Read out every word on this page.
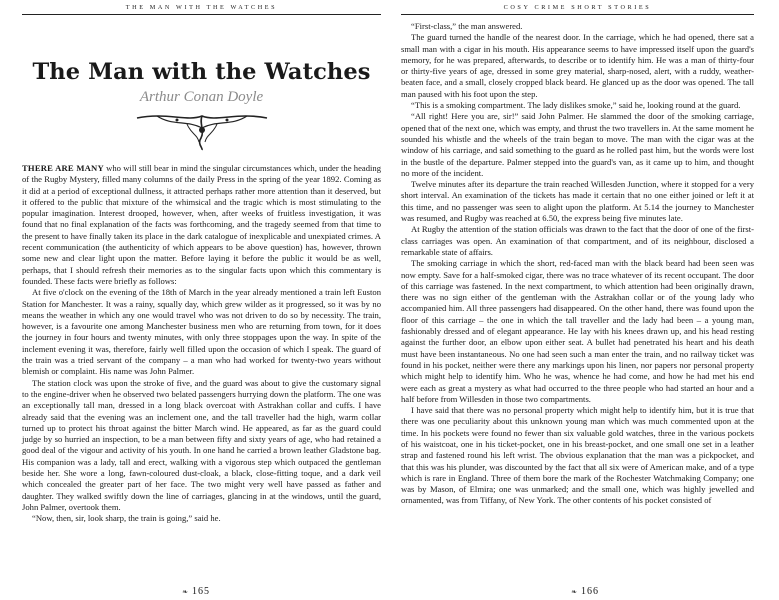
THE MAN WITH THE WATCHES
The Man with the Watches
Arthur Conan Doyle

THERE ARE MANY who will still bear in mind the singular circumstances which, under the heading of the Rugby Mystery, filled many columns of the daily Press in the spring of the year 1892. Coming as it did at a period of exceptional dullness, it attracted perhaps rather more attention than it deserved, but it offered to the public that mixture of the whimsical and the tragic which is most stimulating to the popular imagination. Interest drooped, however, when, after weeks of fruitless investigation, it was found that no final explanation of the facts was forthcoming, and the tragedy seemed from that time to the present to have finally taken its place in the dark catalogue of inexplicable and unexpiated crimes. A recent communication (the authenticity of which appears to be above question) has, however, thrown some new and clear light upon the matter. Before laying it before the public it would be as well, perhaps, that I should refresh their memories as to the singular facts upon which this commentary is founded. These facts were briefly as follows:

At five o'clock on the evening of the 18th of March in the year already mentioned a train left Euston Station for Manchester. It was a rainy, squally day, which grew wilder as it progressed, so it was by no means the weather in which any one would travel who was not driven to do so by necessity. The train, however, is a favourite one among Manchester business men who are returning from town, for it does the journey in four hours and twenty minutes, with only three stoppages upon the way. In spite of the inclement evening it was, therefore, fairly well filled upon the occasion of which I speak. The guard of the train was a tried servant of the company – a man who had worked for twenty-two years without blemish or complaint. His name was John Palmer.

The station clock was upon the stroke of five, and the guard was about to give the customary signal to the engine-driver when he observed two belated passengers hurrying down the platform. The one was an exceptionally tall man, dressed in a long black overcoat with Astrakhan collar and cuffs. I have already said that the evening was an inclement one, and the tall traveller had the high, warm collar turned up to protect his throat against the bitter March wind. He appeared, as far as the guard could judge by so hurried an inspection, to be a man between fifty and sixty years of age, who had retained a good deal of the vigour and activity of his youth. In one hand he carried a brown leather Gladstone bag. His companion was a lady, tall and erect, walking with a vigorous step which outpaced the gentleman beside her. She wore a long, fawn-coloured dust-cloak, a black, close-fitting toque, and a dark veil which concealed the greater part of her face. The two might very well have passed as father and daughter. They walked swiftly down the line of carriages, glancing in at the windows, until the guard, John Palmer, overtook them.

“Now, then, sir, look sharp, the train is going,” said he.

❧ 165
COSY CRIME SHORT STORIES

“First-class,” the man answered.

The guard turned the handle of the nearest door. In the carriage, which he had opened, there sat a small man with a cigar in his mouth. His appearance seems to have impressed itself upon the guard's memory, for he was prepared, afterwards, to describe or to identify him. He was a man of thirty-four or thirty-five years of age, dressed in some grey material, sharp-nosed, alert, with a ruddy, weather-beaten face, and a small, closely cropped black beard. He glanced up as the door was opened. The tall man paused with his foot upon the step.

“This is a smoking compartment. The lady dislikes smoke,” said he, looking round at the guard.

“All right! Here you are, sir!” said John Palmer. He slammed the door of the smoking carriage, opened that of the next one, which was empty, and thrust the two travellers in. At the same moment he sounded his whistle and the wheels of the train began to move. The man with the cigar was at the window of his carriage, and said something to the guard as he rolled past him, but the words were lost in the bustle of the departure. Palmer stepped into the guard's van, as it came up to him, and thought no more of the incident.

Twelve minutes after its departure the train reached Willesden Junction, where it stopped for a very short interval. An examination of the tickets has made it certain that no one either joined or left it at this time, and no passenger was seen to alight upon the platform. At 5.14 the journey to Manchester was resumed, and Rugby was reached at 6.50, the express being five minutes late.

At Rugby the attention of the station officials was drawn to the fact that the door of one of the first-class carriages was open. An examination of that compartment, and of its neighbour, disclosed a remarkable state of affairs.

The smoking carriage in which the short, red-faced man with the black beard had been seen was now empty. Save for a half-smoked cigar, there was no trace whatever of its recent occupant. The door of this carriage was fastened. In the next compartment, to which attention had been originally drawn, there was no sign either of the gentleman with the Astrakhan collar or of the young lady who accompanied him. All three passengers had disappeared. On the other hand, there was found upon the floor of this carriage – the one in which the tall traveller and the lady had been – a young man, fashionably dressed and of elegant appearance. He lay with his knees drawn up, and his head resting against the further door, an elbow upon either seat. A bullet had penetrated his heart and his death must have been instantaneous. No one had seen such a man enter the train, and no railway ticket was found in his pocket, neither were there any markings upon his linen, nor papers nor personal property which might help to identify him. Who he was, whence he had come, and how he had met his end were each as great a mystery as what had occurred to the three people who had started an hour and a half before from Willesden in those two compartments.

I have said that there was no personal property which might help to identify him, but it is true that there was one peculiarity about this unknown young man which was much commented upon at the time. In his pockets were found no fewer than six valuable gold watches, three in the various pockets of his waistcoat, one in his ticket-pocket, one in his breast-pocket, and one small one set in a leather strap and fastened round his left wrist. The obvious explanation that the man was a pickpocket, and that this was his plunder, was discounted by the fact that all six were of American make, and of a type which is rare in England. Three of them bore the mark of the Rochester Watchmaking Company; one was by Mason, of Elmira; one was unmarked; and the small one, which was highly jewelled and ornamented, was from Tiffany, of New York. The other contents of his pocket consisted of

❧ 166
